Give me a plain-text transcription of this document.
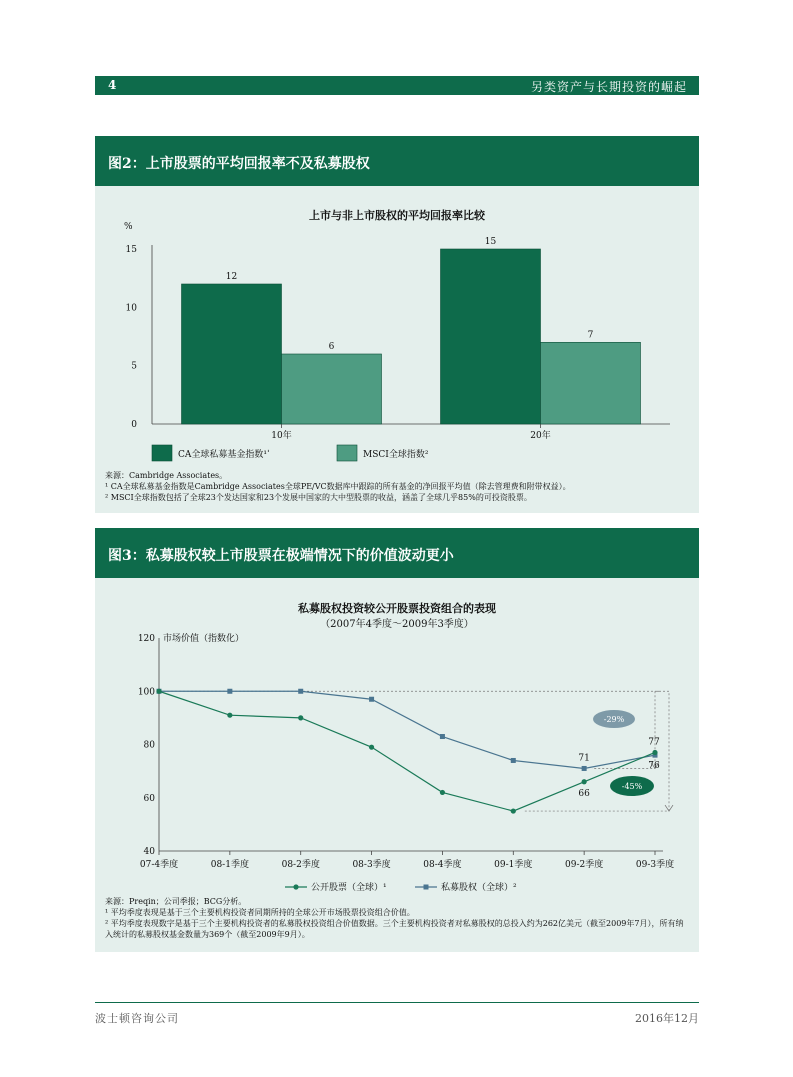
4	另类资产与长期投资的崛起
图2：上市股票的平均回报率不及私募股权
上市与非上市股权的平均回报率比较
%
0
5
10
15
12
6
10年
15
7
20年
CA全球私募基金指数¹ˈ	MSCI全球指数²
来源：Cambridge Associates。
¹ CA全球私募基金指数是Cambridge Associates全球PE/VC数据库中跟踪的所有基金的净回报平均值（除去管理费和附带权益）。
² MSCI全球指数包括了全球23个发达国家和23个发展中国家的大中型股票的收益，涵盖了全球几乎85%的可投资股票。
图3：私募股权较上市股票在极端情况下的价值波动更小
私募股权投资较公开股票投资组合的表现
（2007年4季度～2009年3季度）
40
60
80
100
120 市场价值（指数化）
07-4季度	08-1季度	08-2季度	08-3季度	08-4季度	09-1季度	09-2季度	09-3季度
77
76
71
66
-29%
-45%
公开股票（全球）¹	私募股权（全球）²
来源：Preqin；公司季报；BCG分析。
¹ 平均季度表现是基于三个主要机构投资者同期所持的全球公开市场股票投资组合价值。
² 平均季度表现数字是基于三个主要机构投资者的私募股权投资组合价值数据。三个主要机构投资者对私募股权的总投入约为262亿美元（截至2009年7月），所有纳入统计的私募股权基金数量为369个（截至2009年9月）。
波士顿咨询公司	2016年12月
